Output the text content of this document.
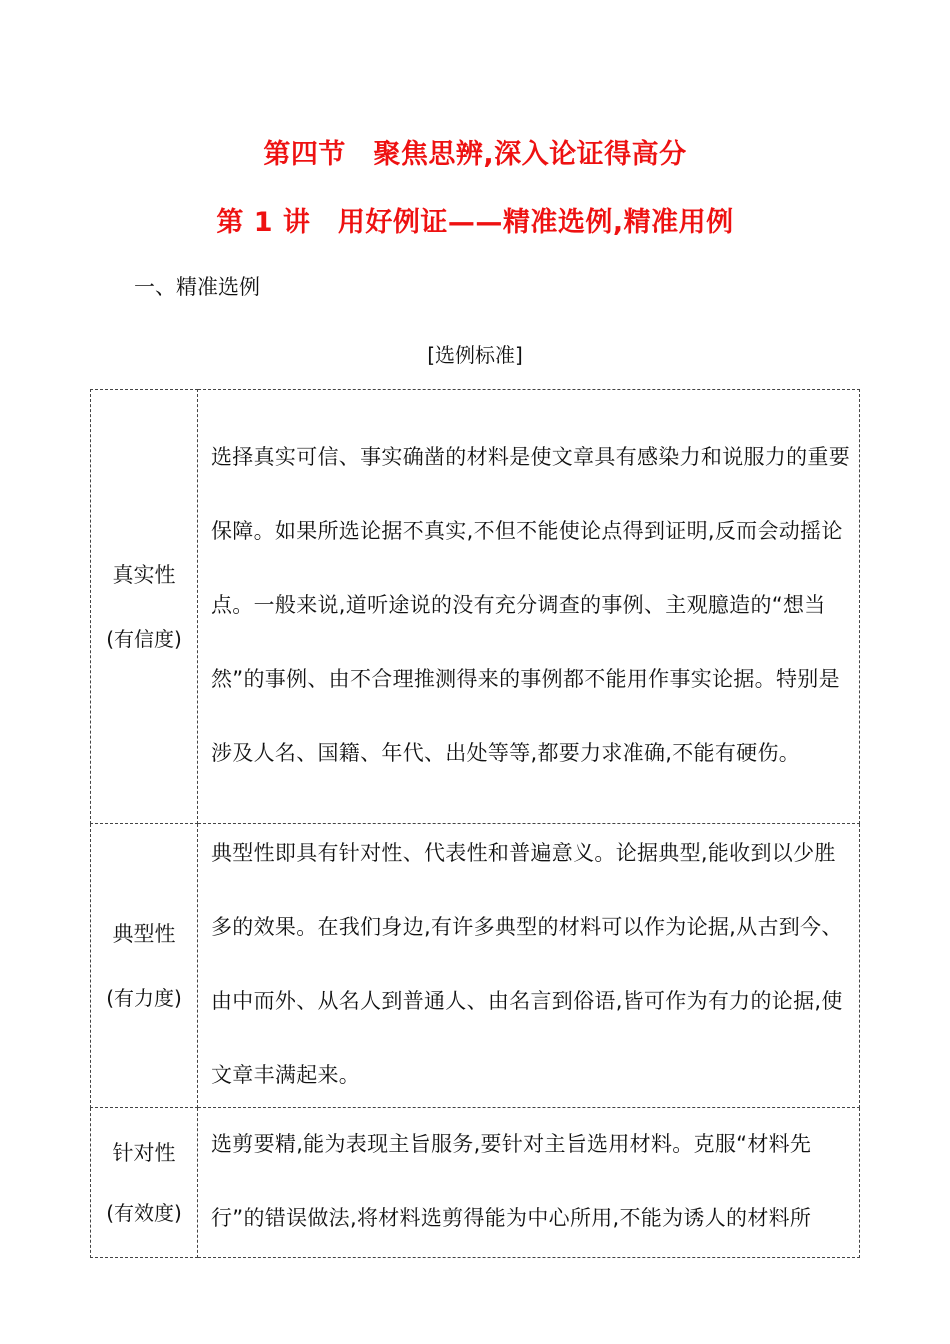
第四节　聚焦思辨,深入论证得高分
第 1 讲　用好例证——精准选例,精准用例
一、精准选例
[选例标准]
真实性
(有信度)	选择真实可信、事实确凿的材料是使文章具有感染力和说服力的重要保障。如果所选论据不真实,不但不能使论点得到证明,反而会动摇论点。一般来说,道听途说的没有充分调查的事例、主观臆造的“想当然”的事例、由不合理推测得来的事例都不能用作事实论据。特别是涉及人名、国籍、年代、出处等等,都要力求准确,不能有硬伤。

典型性
(有力度)	典型性即具有针对性、代表性和普遍意义。论据典型,能收到以少胜多的效果。在我们身边,有许多典型的材料可以作为论据,从古到今、由中而外、从名人到普通人、由名言到俗语,皆可作为有力的论据,使文章丰满起来。

针对性
(有效度)	选剪要精,能为表现主旨服务,要针对主旨选用材料。克服“材料先行”的错误做法,将材料选剪得能为中心所用,不能为诱人的材料所
